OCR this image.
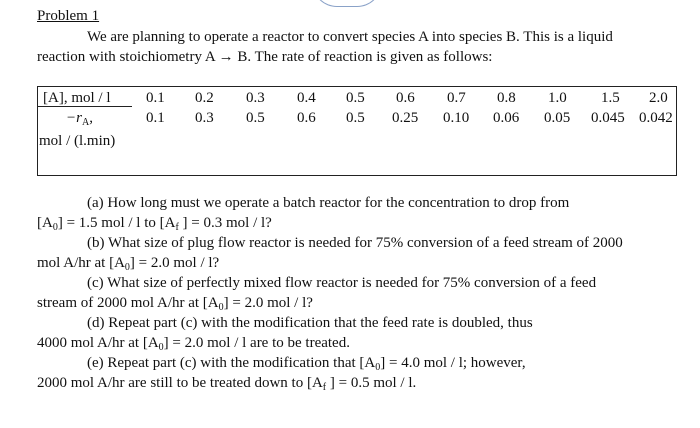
Problem 1
We are planning to operate a reactor to convert species A into species B. This is a liquid
reaction with stoichiometry A → B. The rate of reaction is given as follows:
[A], mol / l 0.1 0.2 0.3 0.4 0.5 0.6 0.7 0.8 1.0 1.5 2.0
$-r_A$,	0.1 0.3 0.5 0.6 0.5 0.25 0.10 0.06 0.05 0.045 0.042
mol / (l.min)
(a) How long must we operate a batch reactor for the concentration to drop from
$[A_0] = 1.5$ mol / l to [$A_f$ ] = 0.3 mol / l?
(b) What size of plug flow reactor is needed for 75% conversion of a feed stream of 2000
mol A/hr at $[A_0] = 2.0$ mol / l?
(c) What size of perfectly mixed flow reactor is needed for 75% conversion of a feed
stream of 2000 mol A/hr at $[A_0] = 2.0$ mol / l?
(d) Repeat part (c) with the modification that the feed rate is doubled, thus
4000 mol A/hr at $[A_0] = 2.0$ mol / l are to be treated.
(e) Repeat part (c) with the modification that $[A_0] = 4.0$ mol / l; however,
2000 mol A/hr are still to be treated down to [$A_f$ ] = 0.5 mol / l.
